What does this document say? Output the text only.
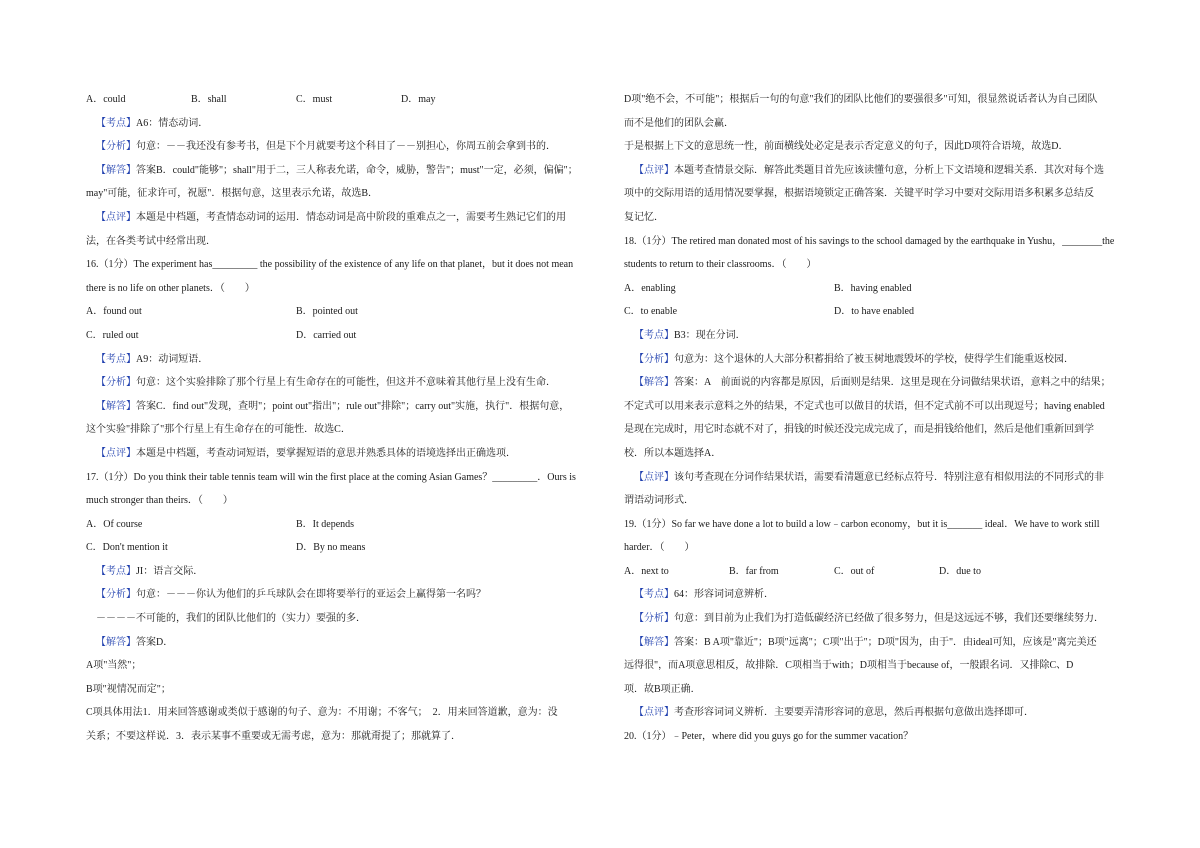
A．could	B．shall	C．must	D．may
 【考点】A6：情态动词．
 【分析】句意：－－我还没有参考书，但是下个月就要考这个科目了－－别担心，你周五前会拿到书的．
 【解答】答案B．could"能够"；shall"用于二，三人称表允诺，命令，威胁，警告"；must"一定，必须，偏偏"；
may"可能，征求许可，祝愿"．根据句意，这里表示允诺，故选B．
 【点评】本题是中档题，考查情态动词的运用．情态动词是高中阶段的重难点之一，需要考生熟记它们的用
法，在各类考试中经常出现．
16.（1分）The experiment has_________ the possibility of the existence of any life on that planet，but it does not mean
there is no life on other planets．（　　）
A．found out	B．pointed out
C．ruled out	D．carried out
 【考点】A9：动词短语．
 【分析】句意：这个实验排除了那个行星上有生命存在的可能性，但这并不意味着其他行星上没有生命．
 【解答】答案C．find out"发现，查明"；point out"指出"；rule out"排除"；carry out"实施，执行"．根据句意，
这个实验"排除了"那个行星上有生命存在的可能性．故选C．
 【点评】本题是中档题，考查动词短语，要掌握短语的意思并熟悉具体的语境选择出正确选项．
17.（1分）Do you think their table tennis team will win the first place at the coming Asian Games？_________．Ours is
much stronger than theirs．（　　）
A．Of course	B．It depends
C．Don't mention it	D．By no means
 【考点】JI：语言交际．
 【分析】句意：－－－你认为他们的乒乓球队会在即将要举行的亚运会上赢得第一名吗？
 －－－－不可能的，我们的团队比他们的（实力）要强的多．
 【解答】答案D．
A项"当然"；
B项"视情况而定"；
C项具体用法1．用来回答感谢或类似于感谢的句子、意为：不用谢；不客气；　2．用来回答道歉，意为：没
关系；不要这样说．3．表示某事不重要或无需考虑，意为：那就甭提了；那就算了．
D项"绝不会，不可能"；根据后一句的句意"我们的团队比他们的要强很多"可知，很显然说话者认为自己团队
而不是他们的团队会赢．
于是根据上下文的意思统一性，前面横线处必定是表示否定意义的句子，因此D项符合语境，故选D．
 【点评】本题考查情景交际．解答此类题目首先应该读懂句意，分析上下文语境和逻辑关系．其次对每个选
项中的交际用语的适用情况要掌握，根据语境锁定正确答案．关键平时学习中要对交际用语多积累多总结反
复记忆．
18.（1分）The retired man donated most of his savings to the school damaged by the earthquake in Yushu，________the
students to return to their classrooms．（　　）
A．enabling	B．having enabled
C．to enable	D．to have enabled
 【考点】B3：现在分词．
 【分析】句意为：这个退休的人大部分积蓄捐给了被玉树地震毁坏的学校，使得学生们能重返校园．
 【解答】答案：A　前面说的内容都是原因，后面则是结果．这里是现在分词做结果状语，意料之中的结果；
不定式可以用来表示意料之外的结果，不定式也可以做目的状语，但不定式前不可以出现逗号；having enabled
是现在完成时，用它时态就不对了，捐钱的时候还没完成完成了，而是捐钱给他们，然后是他们重新回到学
校．所以本题选择A．
 【点评】该句考查现在分词作结果状语，需要看清题意已经标点符号．特别注意有相似用法的不同形式的非
谓语动词形式．
19.（1分）So far we have done a lot to build a low﹣carbon economy，but it is_______ ideal．We have to work still
harder．（　　）
A．next to	B．far from	C．out of	D．due to
 【考点】64：形容词词意辨析．
 【分析】句意：到目前为止我们为打造低碳经济已经做了很多努力，但是这远远不够，我们还要继续努力．
 【解答】答案：B A项"靠近"；B项"远离"；C项"出于"；D项"因为，由于"．由ideal可知，应该是"离完美还
远得很"，而A项意思相反，故排除．C项相当于with；D项相当于because of，一般跟名词．又排除C、D
项．故B项正确．
 【点评】考查形容词词义辨析．主要要弄清形容词的意思，然后再根据句意做出选择即可．
20.（1分）﹣Peter，where did you guys go for the summer vacation？
